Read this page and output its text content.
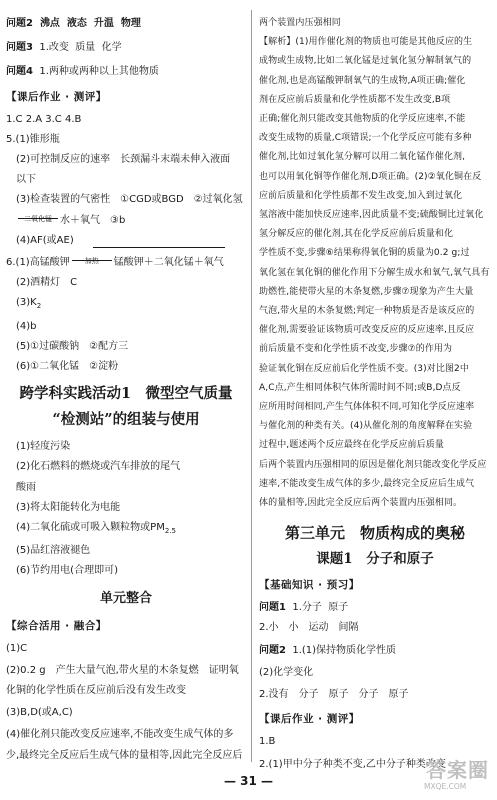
问题2 沸点 液态 升温 物理
问题3 1.改变 质量 化学
问题4 1.两种或两种以上其他物质
【课后作业 · 测评】
1.C 2.A 3.C 4.B
5.(1)锥形瓶
(2)可控制反应的速率　长颈漏斗末端未伸入液面
以下
(3)检查装置的气密性　①CGD或BGD　②过氧化氢
二氧化锰 水＋氧气　③b
(4)AF(或AE)
6.(1)高锰酸钾	加热	锰酸钾＋二氧化锰＋氧气
(2)酒精灯　C
$(3)K_2$
(4)b
(5)①过碳酸钠　②配方三
(6)①二氧化锰　②淀粉
跨学科实践活动1　微型空气质量
“检测站”的组装与使用
(1)轻度污染
(2)化石燃料的燃烧或汽车排放的尾气
酸雨
(3)将太阳能转化为电能
(4)二氧化硫或可吸入颗粒物或$PM_{2.5}$
(5)品红溶液褪色
(6)节约用电(合理即可)
单元整合
【综合活用 · 融合】
(1)C
(2)0.2 g　产生大量气泡,带火星的木条复燃　证明氧
化铜的化学性质在反应前后没有发生改变
(3)B,D(或A,C)
(4)催化剂只能改变反应速率,不能改变生成气体的多
少,最终完全反应后生成气体的量相等,因此完全反应后
两个装置内压强相同
【解析】(1)用作催化剂的物质也可能是其他反应的生
成物或生成物,比如二氧化锰是过氧化氢分解制氧气的
催化剂,也是高锰酸钾制氧气的生成物,A项正确;催化
剂在反应前后质量和化学性质都不发生改变,B项
正确;催化剂只能改变其他物质的化学反应速率,不能
改变生成物的质量,C项错误;一个化学反应可能有多种
催化剂,比如过氧化氢分解可以用二氧化锰作催化剂,
也可以用氧化铜等作催化剂,D项正确。(2)②氧化铜在反
应前后质量和化学性质都不发生改变,加入到过氧化
氢溶液中能加快反应速率,因此质量不变;硫酸铜比过氧化
氢分解反应的催化剂,其在化学反应前后质量和化
学性质不变,步骤⑥结果称得氧化铜的质量为0.2 g;过
氧化氢在氧化铜的催化作用下分解生成水和氧气,氧气具有
助燃性,能使带火星的木条复燃,步骤⑦现象为产生大量
气泡,带火星的木条复燃;判定一种物质是否是该反应的
催化剂,需要验证该物质可改变反应的反应速率,且反应
前后质量不变和化学性质不改变,步骤⑦的作用为
验证氧化铜在反应前后化学性质不变。(3)对比图2中
A,C点,产生相同体积气体所需时间不同;或B,D点反
应所用时间相同,产生气体体积不同,可知化学反应速率
与催化剂的种类有关。(4)从催化剂的角度解释在实验
过程中,题述两个反应最终在化学反应前后质量
后两个装置内压强相同的原因是催化剂只能改变化学反应
速率,不能改变生成气体的多少,最终完全反应后生成气
体的量相等,因此完全反应后两个装置内压强相同。
第三单元　物质构成的奥秘
课题1　分子和原子
【基础知识 · 预习】
问题1 1.分子 原子
2.小　小　运动　间隔
问题2 1.(1)保持物质化学性质
(2)化学变化
2.没有　分子　原子　分子　原子
【课后作业 · 测评】
1.B
2.(1)甲中分子种类不变,乙中分子种类改变
— 31 —	答案圈
MXQE.COM
